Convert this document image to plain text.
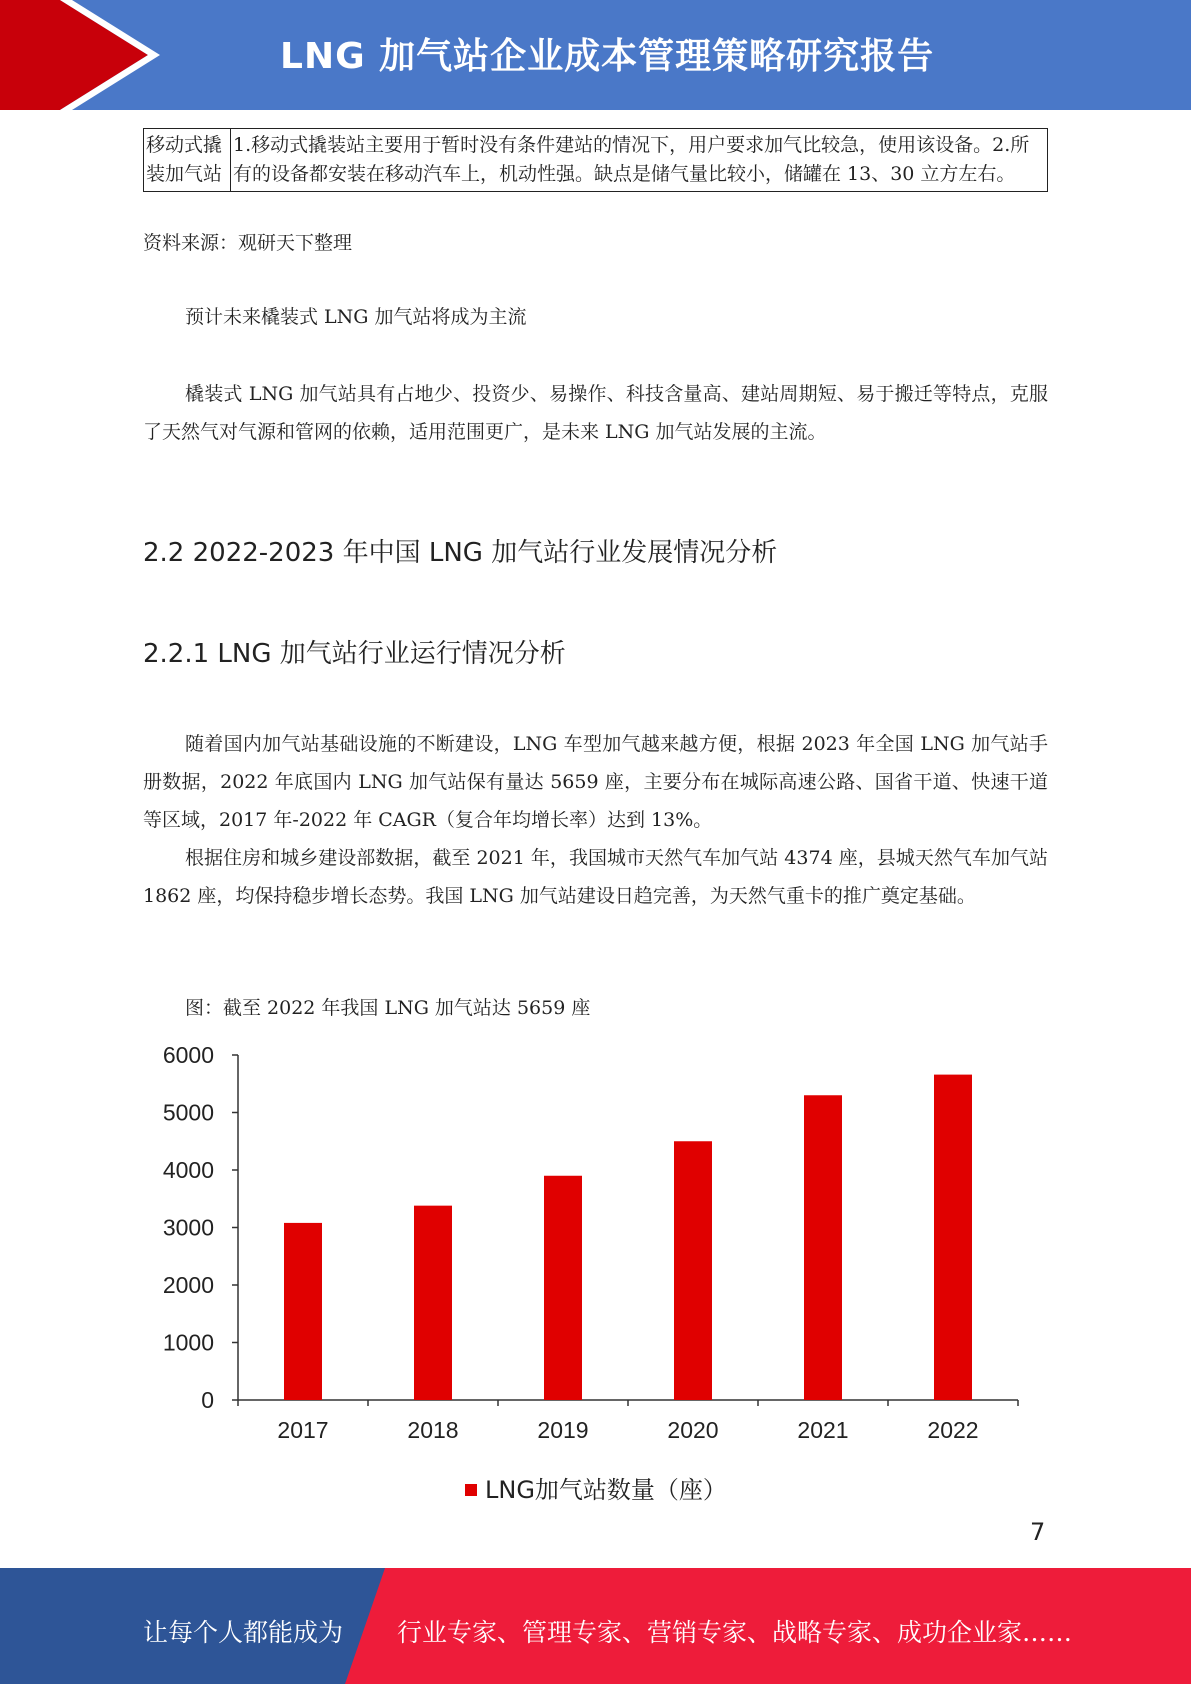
LNG 加气站企业成本管理策略研究报告
移动式撬装加气站	1.移动式撬装站主要用于暂时没有条件建站的情况下，用户要求加气比较急，使用该设备。2.所有的设备都安装在移动汽车上，机动性强。缺点是储气量比较小，储罐在 13、30 立方左右。
资料来源：观研天下整理
预计未来橇装式 LNG 加气站将成为主流
橇装式 LNG 加气站具有占地少、投资少、易操作、科技含量高、建站周期短、易于搬迁等特点，克服了天然气对气源和管网的依赖，适用范围更广，是未来 LNG 加气站发展的主流。
2.2 2022-2023 年中国 LNG 加气站行业发展情况分析
2.2.1 LNG 加气站行业运行情况分析
随着国内加气站基础设施的不断建设，LNG 车型加气越来越方便，根据 2023 年全国 LNG 加气站手册数据，2022 年底国内 LNG 加气站保有量达 5659 座，主要分布在城际高速公路、国省干道、快速干道等区域，2017 年-2022 年 CAGR（复合年均增长率）达到 13%。
根据住房和城乡建设部数据，截至 2021 年，我国城市天然气车加气站 4374 座，县城天然气车加气站 1862 座，均保持稳步增长态势。我国 LNG 加气站建设日趋完善，为天然气重卡的推广奠定基础。
图：截至 2022 年我国 LNG 加气站达 5659 座
0
1000
2000
3000
4000
5000
6000
2017	2018	2019	2020	2021	2022
LNG加气站数量（座）
7
让每个人都能成为 行业专家、管理专家、营销专家、战略专家、成功企业家……
